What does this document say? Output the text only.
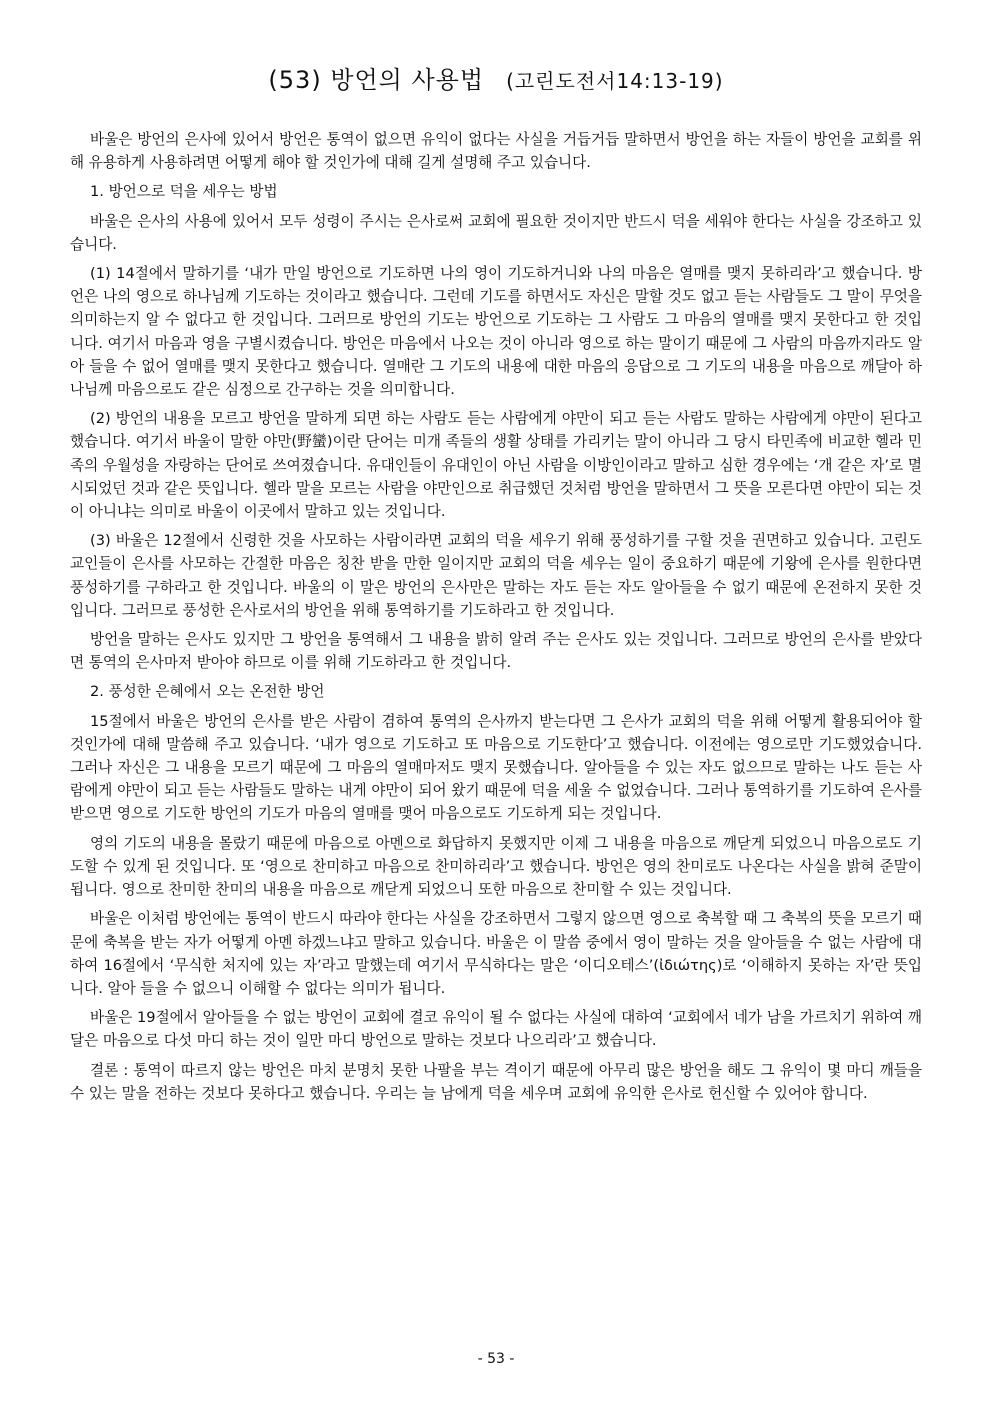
(53) 방언의 사용법 (고린도전서14:13-19)

바울은 방언의 은사에 있어서 방언은 통역이 없으면 유익이 없다는 사실을 거듭거듭 말하면서 방언을 하는 자들이 방언을 교회를 위해 유용하게 사용하려면 어떻게 해야 할 것인가에 대해 길게 설명해 주고 있습니다.

1. 방언으로 덕을 세우는 방법

바울은 은사의 사용에 있어서 모두 성령이 주시는 은사로써 교회에 필요한 것이지만 반드시 덕을 세워야 한다는 사실을 강조하고 있습니다.

(1) 14절에서 말하기를 ‘내가 만일 방언으로 기도하면 나의 영이 기도하거니와 나의 마음은 열매를 맺지 못하리라’고 했습니다. 방언은 나의 영으로 하나님께 기도하는 것이라고 했습니다. 그런데 기도를 하면서도 자신은 말할 것도 없고 듣는 사람들도 그 말이 무엇을 의미하는지 알 수 없다고 한 것입니다. 그러므로 방언의 기도는 방언으로 기도하는 그 사람도 그 마음의 열매를 맺지 못한다고 한 것입니다. 여기서 마음과 영을 구별시켰습니다. 방언은 마음에서 나오는 것이 아니라 영으로 하는 말이기 때문에 그 사람의 마음까지라도 알아 들을 수 없어 열매를 맺지 못한다고 했습니다. 열매란 그 기도의 내용에 대한 마음의 응답으로 그 기도의 내용을 마음으로 깨달아 하나님께 마음으로도 같은 심정으로 간구하는 것을 의미합니다.

(2) 방언의 내용을 모르고 방언을 말하게 되면 하는 사람도 듣는 사람에게 야만이 되고 듣는 사람도 말하는 사람에게 야만이 된다고 했습니다. 여기서 바울이 말한 야만(野蠻)이란 단어는 미개 족들의 생활 상태를 가리키는 말이 아니라 그 당시 타민족에 비교한 헬라 민족의 우월성을 자랑하는 단어로 쓰여졌습니다. 유대인들이 유대인이 아닌 사람을 이방인이라고 말하고 심한 경우에는 ‘개 같은 자’로 멸시되었던 것과 같은 뜻입니다. 헬라 말을 모르는 사람을 야만인으로 취급했던 것처럼 방언을 말하면서 그 뜻을 모른다면 야만이 되는 것이 아니냐는 의미로 바울이 이곳에서 말하고 있는 것입니다.

(3) 바울은 12절에서 신령한 것을 사모하는 사람이라면 교회의 덕을 세우기 위해 풍성하기를 구할 것을 권면하고 있습니다. 고린도 교인들이 은사를 사모하는 간절한 마음은 칭찬 받을 만한 일이지만 교회의 덕을 세우는 일이 중요하기 때문에 기왕에 은사를 원한다면 풍성하기를 구하라고 한 것입니다. 바울의 이 말은 방언의 은사만은 말하는 자도 듣는 자도 알아들을 수 없기 때문에 온전하지 못한 것입니다. 그러므로 풍성한 은사로서의 방언을 위해 통역하기를 기도하라고 한 것입니다.

방언을 말하는 은사도 있지만 그 방언을 통역해서 그 내용을 밝히 알려 주는 은사도 있는 것입니다. 그러므로 방언의 은사를 받았다면 통역의 은사마저 받아야 하므로 이를 위해 기도하라고 한 것입니다.

2. 풍성한 은혜에서 오는 온전한 방언

15절에서 바울은 방언의 은사를 받은 사람이 겸하여 통역의 은사까지 받는다면 그 은사가 교회의 덕을 위해 어떻게 활용되어야 할 것인가에 대해 말씀해 주고 있습니다. ‘내가 영으로 기도하고 또 마음으로 기도한다’고 했습니다. 이전에는 영으로만 기도했었습니다. 그러나 자신은 그 내용을 모르기 때문에 그 마음의 열매마저도 맺지 못했습니다. 알아들을 수 있는 자도 없으므로 말하는 나도 듣는 사람에게 야만이 되고 듣는 사람들도 말하는 내게 야만이 되어 왔기 때문에 덕을 세울 수 없었습니다. 그러나 통역하기를 기도하여 은사를 받으면 영으로 기도한 방언의 기도가 마음의 열매를 맺어 마음으로도 기도하게 되는 것입니다.

영의 기도의 내용을 몰랐기 때문에 마음으로 아멘으로 화답하지 못했지만 이제 그 내용을 마음으로 깨닫게 되었으니 마음으로도 기도할 수 있게 된 것입니다. 또 ‘영으로 찬미하고 마음으로 찬미하리라’고 했습니다. 방언은 영의 찬미로도 나온다는 사실을 밝혀 준말이 됩니다. 영으로 찬미한 찬미의 내용을 마음으로 깨닫게 되었으니 또한 마음으로 찬미할 수 있는 것입니다.

바울은 이처럼 방언에는 통역이 반드시 따라야 한다는 사실을 강조하면서 그렇지 않으면 영으로 축복할 때 그 축복의 뜻을 모르기 때문에 축복을 받는 자가 어떻게 아멘 하겠느냐고 말하고 있습니다. 바울은 이 말씀 중에서 영이 말하는 것을 알아들을 수 없는 사람에 대하여 16절에서 ‘무식한 처지에 있는 자’라고 말했는데 여기서 무식하다는 말은 ‘이디오테스’(ἰδιώτης)로 ‘이해하지 못하는 자’란 뜻입니다. 알아 들을 수 없으니 이해할 수 없다는 의미가 됩니다.

바울은 19절에서 알아들을 수 없는 방언이 교회에 결코 유익이 될 수 없다는 사실에 대하여 ‘교회에서 네가 남을 가르치기 위하여 깨달은 마음으로 다섯 마디 하는 것이 일만 마디 방언으로 말하는 것보다 나으리라’고 했습니다.

결론 : 통역이 따르지 않는 방언은 마치 분명치 못한 나팔을 부는 격이기 때문에 아무리 많은 방언을 해도 그 유익이 몇 마디 깨들을 수 있는 말을 전하는 것보다 못하다고 했습니다. 우리는 늘 남에게 덕을 세우며 교회에 유익한 은사로 헌신할 수 있어야 합니다.

- 53 -
